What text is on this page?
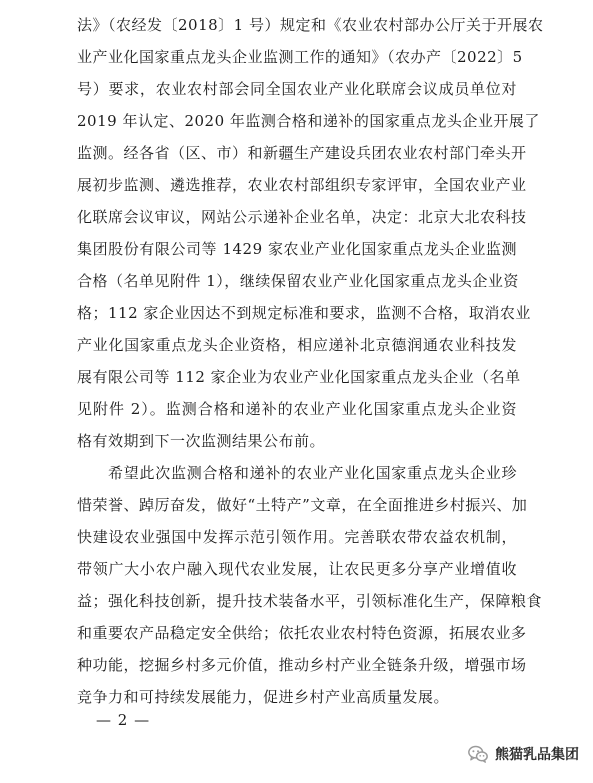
法》（农经发〔2018〕1 号）规定和《农业农村部办公厅关于开展农
业产业化国家重点龙头企业监测工作的通知》（农办产〔2022〕5
号）要求，农业农村部会同全国农业产业化联席会议成员单位对
2019 年认定、2020 年监测合格和递补的国家重点龙头企业开展了
监测。经各省（区、市）和新疆生产建设兵团农业农村部门牵头开
展初步监测、遴选推荐，农业农村部组织专家评审，全国农业产业
化联席会议审议，网站公示递补企业名单，决定：北京大北农科技
集团股份有限公司等 1429 家农业产业化国家重点龙头企业监测
合格（名单见附件 1），继续保留农业产业化国家重点龙头企业资
格；112 家企业因达不到规定标准和要求，监测不合格，取消农业
产业化国家重点龙头企业资格，相应递补北京德润通农业科技发
展有限公司等 112 家企业为农业产业化国家重点龙头企业（名单
见附件 2）。监测合格和递补的农业产业化国家重点龙头企业资
格有效期到下一次监测结果公布前。
希望此次监测合格和递补的农业产业化国家重点龙头企业珍
惜荣誉、踔厉奋发，做好“土特产”文章，在全面推进乡村振兴、加
快建设农业强国中发挥示范引领作用。完善联农带农益农机制，
带领广大小农户融入现代农业发展，让农民更多分享产业增值收
益；强化科技创新，提升技术装备水平，引领标准化生产，保障粮食
和重要农产品稳定安全供给；依托农业农村特色资源，拓展农业多
种功能，挖掘乡村多元价值，推动乡村产业全链条升级，增强市场
竞争力和可持续发展能力，促进乡村产业高质量发展。
— 2 —
熊猫乳品集团
